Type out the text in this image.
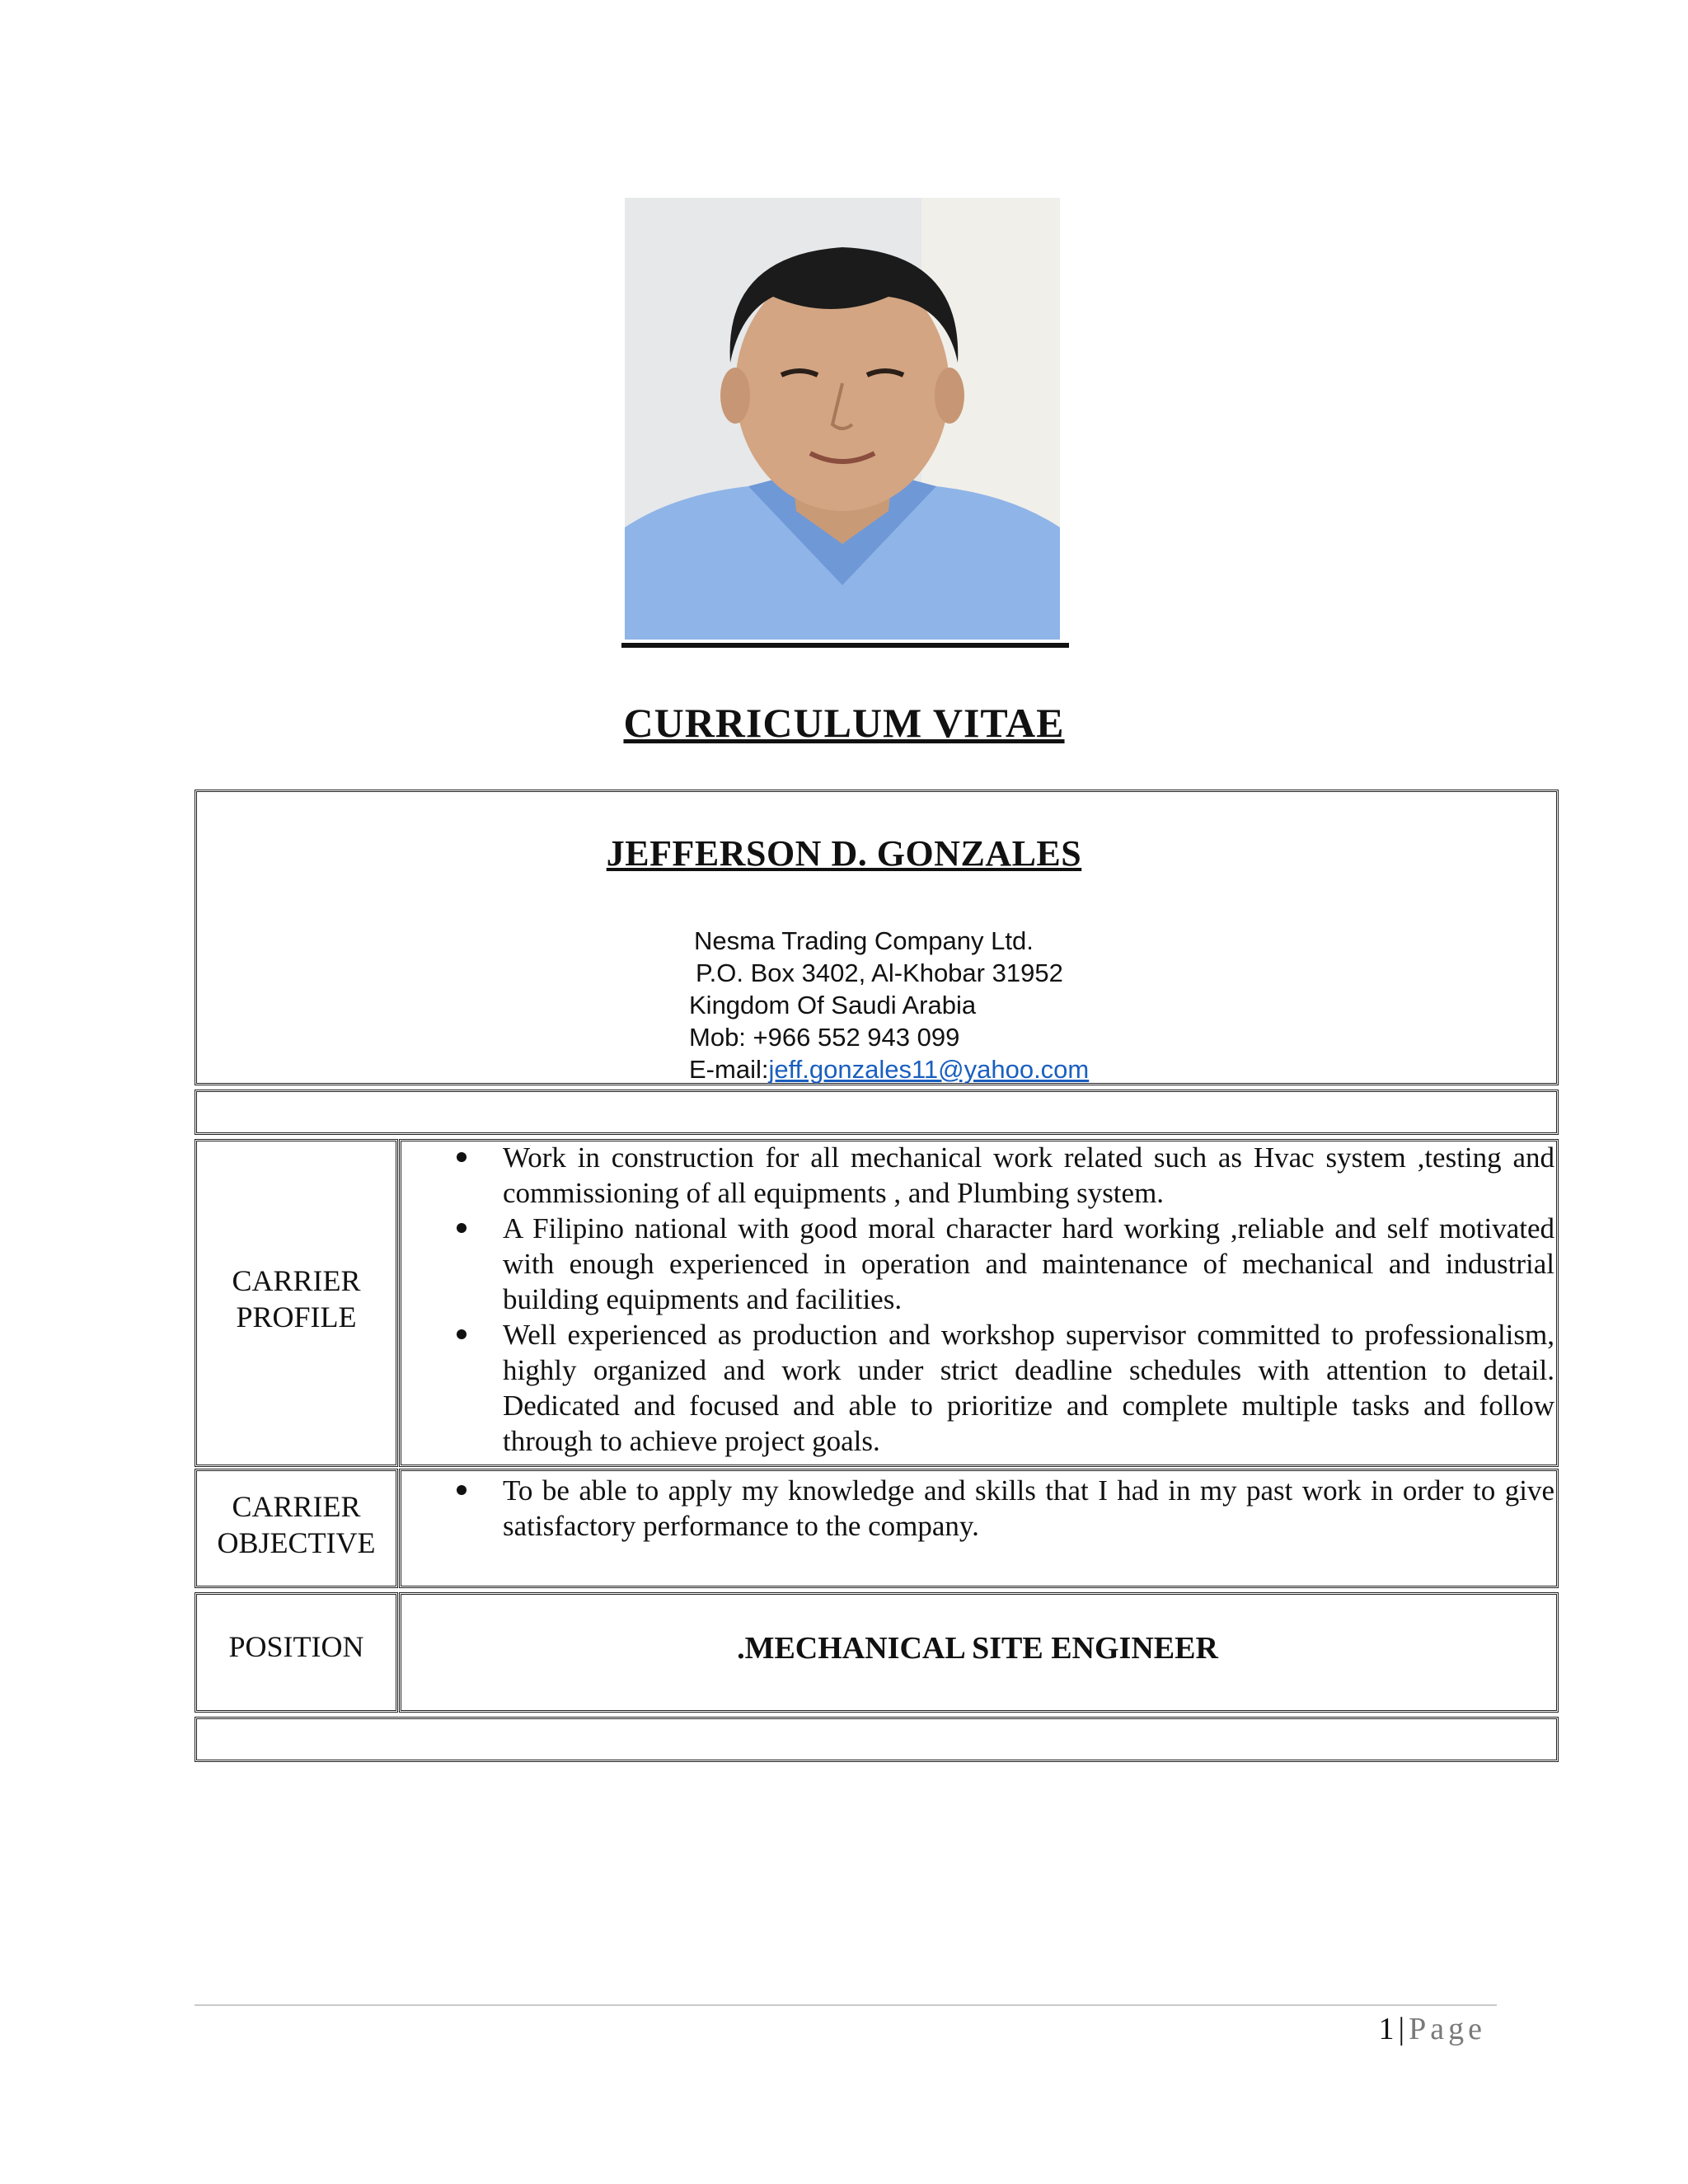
CURRICULUM VITAE
JEFFERSON D. GONZALES
Nesma Trading Company Ltd.
P.O. Box 3402, Al-Khobar 31952
Kingdom Of Saudi Arabia
Mob: +966 552 943 099
E-mail:jeff.gonzales11@yahoo.com
CARRIER
PROFILE
Work in construction for all mechanical work related such as Hvac system ,testing and commissioning of all equipments , and Plumbing system.
A Filipino national with good moral character hard working ,reliable and self motivated with enough experienced in operation and maintenance of mechanical and industrial building equipments and facilities.
Well experienced as production and workshop supervisor committed to professionalism, highly organized and work under strict deadline schedules with attention to detail. Dedicated and focused and able to prioritize and complete multiple tasks and follow through to achieve project goals.
CARRIER
OBJECTIVE
To be able to apply my knowledge and skills that I had in my past work in order to give satisfactory performance to the company.
POSITION	.MECHANICAL SITE ENGINEER
1|Page
